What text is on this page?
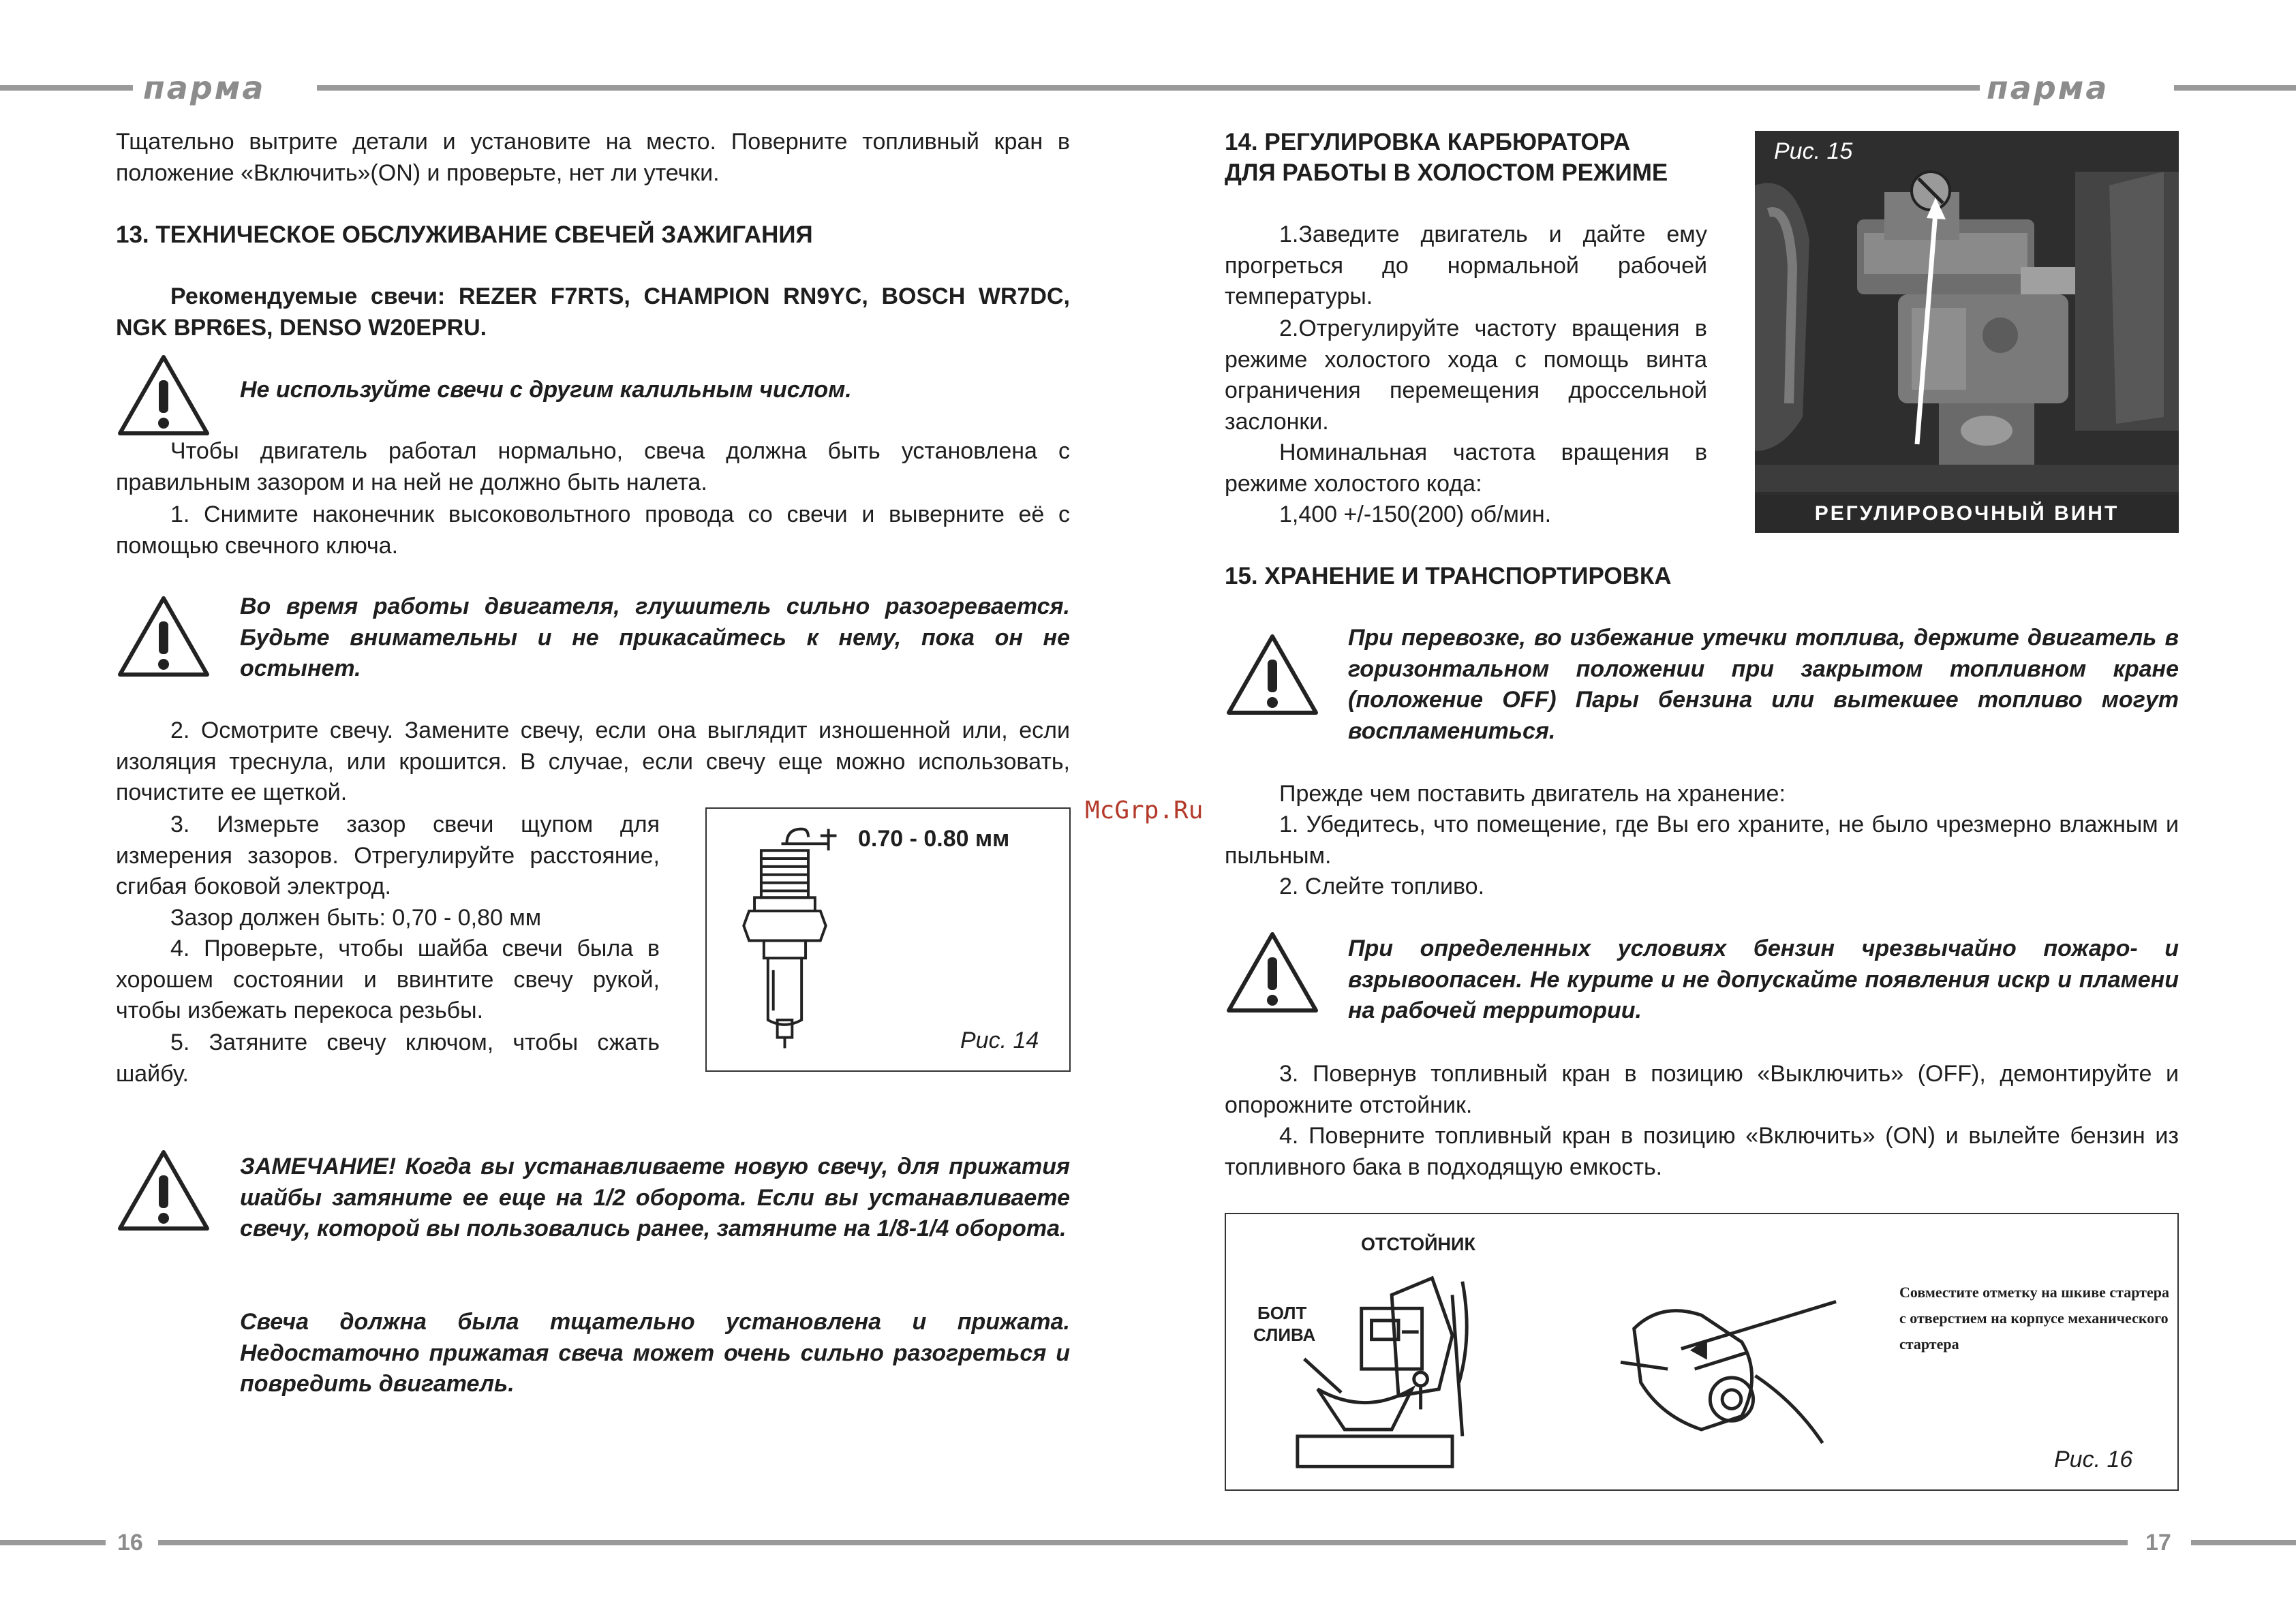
парма	парма
16	17

Тщательно вытрите детали и установите на место. Поверните топливный кран в положение «Включить»(ON) и проверьте, нет ли утечки.

13. ТЕХНИЧЕСКОЕ ОБСЛУЖИВАНИЕ СВЕЧЕЙ ЗАЖИГАНИЯ

Рекомендуемые свечи: REZER F7RTS, CHAMPION RN9YC, BOSCH WR7DC, NGK BPR6ES, DENSO W20EPRU.

Не используйте свечи с другим калильным числом.

Чтобы двигатель работал нормально, свеча должна быть установлена с правильным зазором и на ней не должно быть налета.

1. Снимите наконечник высоковольтного провода со свечи и выверните её с помощью свечного ключа.

Во время работы двигателя, глушитель сильно разогревается. Будьте внимательны и не прикасайтесь к нему, пока он не остынет.

2. Осмотрите свечу. Замените свечу, если она выглядит изношенной или, если изоляция треснула, или крошится. В случае, если свечу еще можно использовать, почистите ее щеткой.

3. Измерьте зазор свечи щупом для измерения зазоров. Отрегулируйте расстояние, сгибая боковой электрод.

Зазор должен быть: 0,70 - 0,80 мм

4. Проверьте, чтобы шайба свечи была в хорошем состоянии и ввинтите свечу рукой, чтобы избежать перекоса резьбы.

5. Затяните свечу ключом, чтобы сжать шайбу.

0.70 - 0.80 мм
Рис. 14

ЗАМЕЧАНИЕ! Когда вы устанавливаете новую свечу, для прижатия шайбы затяните ее еще на 1/2 оборота. Если вы устанавливаете свечу, которой вы пользовались ранее, затяните на 1/8-1/4 оборота.

Свеча должна была тщательно установлена и прижата. Недостаточно прижатая свеча может очень сильно разогреться и повредить двигатель.

McGrp.Ru

14. РЕГУЛИРОВКА КАРБЮРАТОРА

ДЛЯ РАБОТЫ В ХОЛОСТОМ РЕЖИМЕ

1.Заведите двигатель и дайте ему прогреться до нормальной рабочей температуры.

2.Отрегулируйте частоту вращения в режиме холостого хода с помощь винта ограничения перемещения дроссельной заслонки.

Номинальная частота вращения в режиме холостого кода:

1,400 +/-150(200) об/мин.

Рис. 15
РЕГУЛИРОВОЧНЫЙ ВИНТ

15. ХРАНЕНИЕ И ТРАНСПОРТИРОВКА

При перевозке, во избежание утечки топлива, держите двигатель в горизонтальном положении при закрытом топливном кране (положение OFF) Пары бензина или вытекшее топливо могут воспламениться.

Прежде чем поставить двигатель на хранение:

1. Убедитесь, что помещение, где Вы его храните, не было чрезмерно влажным и пыльным.

2. Слейте топливо.

При определенных условиях бензин чрезвычайно пожаро- и взрывоопасен. Не курите и не допускайте появления искр и пламени на рабочей территории.

3. Повернув топливный кран в позицию «Выключить» (OFF), демонтируйте и опорожните отстойник.

4. Поверните топливный кран в позицию «Включить» (ON) и вылейте бензин из топливного бака в подходящую емкость.

ОТСТОЙНИК
БОЛТ
СЛИВА
Совместите отметку на шкиве стартера с отверстием на корпусе механического стартера
Рис. 16
